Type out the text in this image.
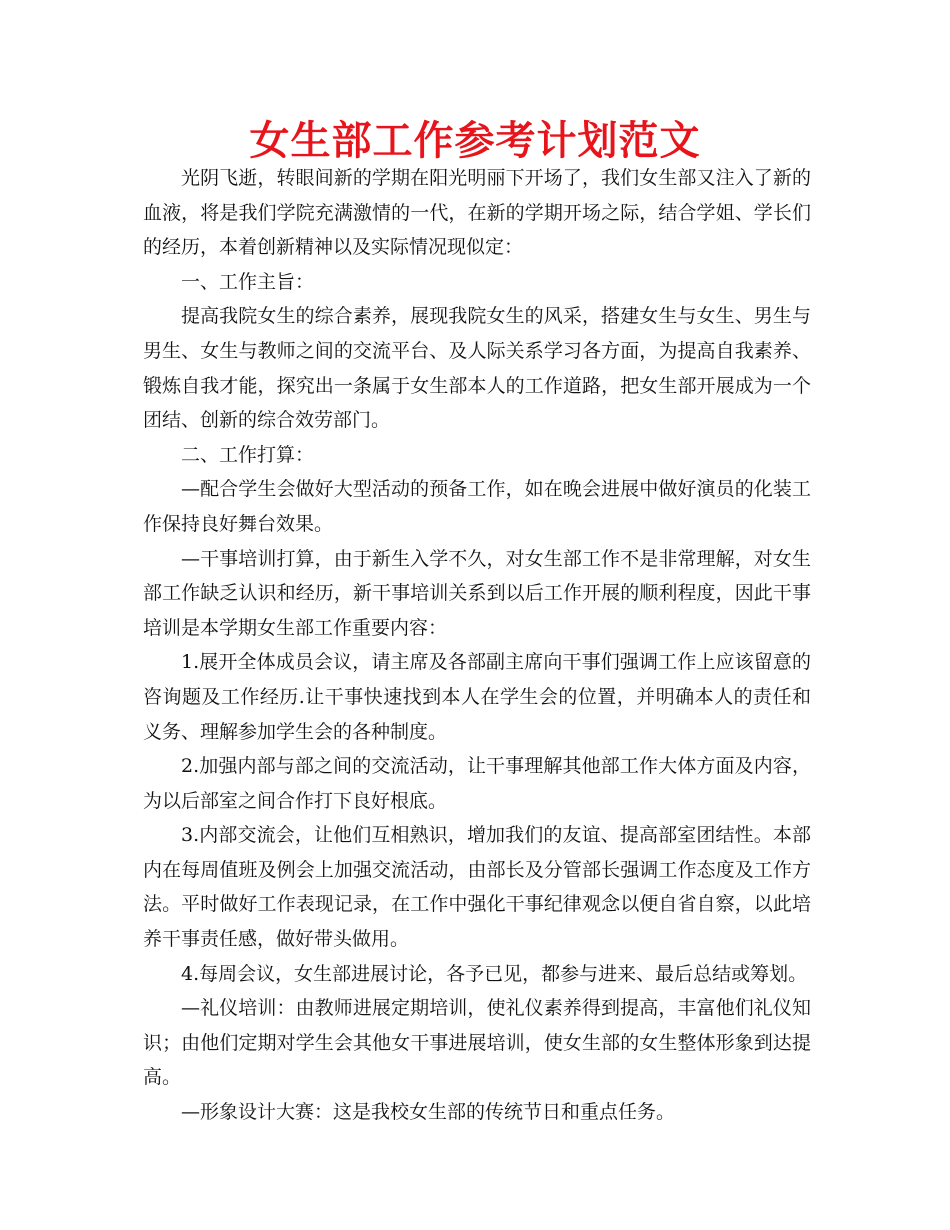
女生部工作参考计划范文

光阴飞逝，转眼间新的学期在阳光明丽下开场了，我们女生部又注入了新的血液，将是我们学院充满激情的一代，在新的学期开场之际，结合学姐、学长们的经历，本着创新精神以及实际情况现似定：

一、工作主旨：

提高我院女生的综合素养，展现我院女生的风采，搭建女生与女生、男生与男生、女生与教师之间的交流平台、及人际关系学习各方面，为提高自我素养、锻炼自我才能，探究出一条属于女生部本人的工作道路，把女生部开展成为一个团结、创新的综合效劳部门。

二、工作打算：

—配合学生会做好大型活动的预备工作，如在晚会进展中做好演员的化装工作保持良好舞台效果。

—干事培训打算，由于新生入学不久，对女生部工作不是非常理解，对女生部工作缺乏认识和经历，新干事培训关系到以后工作开展的顺利程度，因此干事培训是本学期女生部工作重要内容：

1.展开全体成员会议，请主席及各部副主席向干事们强调工作上应该留意的咨询题及工作经历.让干事快速找到本人在学生会的位置，并明确本人的责任和义务、理解参加学生会的各种制度。

2.加强内部与部之间的交流活动，让干事理解其他部工作大体方面及内容，为以后部室之间合作打下良好根底。

3.内部交流会，让他们互相熟识，增加我们的友谊、提高部室团结性。本部内在每周值班及例会上加强交流活动，由部长及分管部长强调工作态度及工作方法。平时做好工作表现记录，在工作中强化干事纪律观念以便自省自察，以此培养干事责任感，做好带头做用。

4.每周会议，女生部进展讨论，各予已见，都参与进来、最后总结或筹划。

—礼仪培训：由教师进展定期培训，使礼仪素养得到提高，丰富他们礼仪知识；由他们定期对学生会其他女干事进展培训，使女生部的女生整体形象到达提高。

—形象设计大赛：这是我校女生部的传统节日和重点任务。
